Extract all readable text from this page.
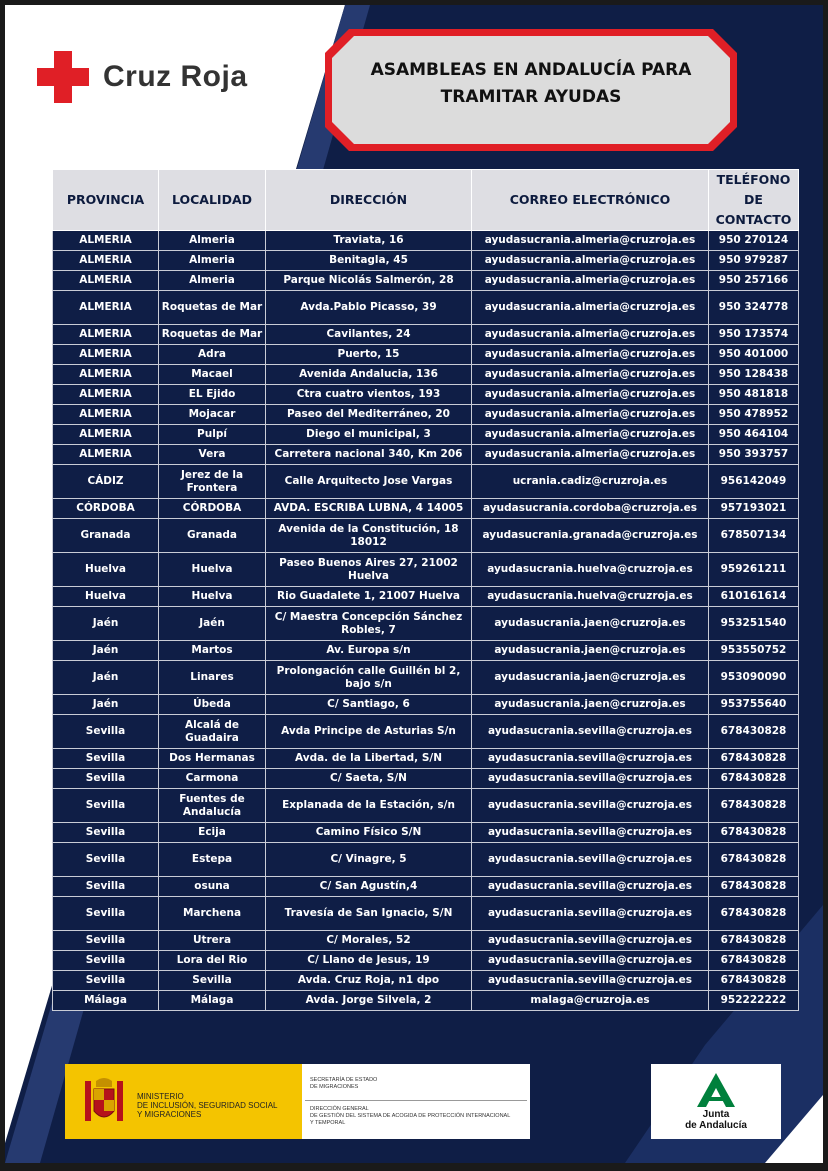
Cruz Roja	ASAMBLEAS EN ANDALUCÍA PARA
TRAMITAR AYUDAS
PROVINCIA	LOCALIDAD	DIRECCIÓN	CORREO ELECTRÓNICO	TELÉFONO DE CONTACTO
ALMERIA	Almeria	Traviata, 16	ayudasucrania.almeria@cruzroja.es	950 270124
ALMERIA	Almeria	Benitagla, 45	ayudasucrania.almeria@cruzroja.es	950 979287
ALMERIA	Almeria	Parque Nicolás Salmerón, 28	ayudasucrania.almeria@cruzroja.es	950 257166
ALMERIA	Roquetas de Mar	Avda.Pablo Picasso, 39	ayudasucrania.almeria@cruzroja.es	950 324778
ALMERIA	Roquetas de Mar	Cavilantes, 24	ayudasucrania.almeria@cruzroja.es	950 173574
ALMERIA	Adra	Puerto, 15	ayudasucrania.almeria@cruzroja.es	950 401000
ALMERIA	Macael	Avenida Andalucia, 136	ayudasucrania.almeria@cruzroja.es	950 128438
ALMERIA	EL Ejido	Ctra cuatro vientos, 193	ayudasucrania.almeria@cruzroja.es	950 481818
ALMERIA	Mojacar	Paseo del Mediterráneo, 20	ayudasucrania.almeria@cruzroja.es	950 478952
ALMERIA	Pulpí	Diego el municipal, 3	ayudasucrania.almeria@cruzroja.es	950 464104
ALMERIA	Vera	Carretera nacional 340, Km 206	ayudasucrania.almeria@cruzroja.es	950 393757
CÁDIZ	Jerez de la Frontera	Calle Arquitecto Jose Vargas	ucrania.cadiz@cruzroja.es	956142049
CÓRDOBA	CÓRDOBA	AVDA. ESCRIBA LUBNA, 4 14005	ayudasucrania.cordoba@cruzroja.es	957193021
Granada	Granada	Avenida de la Constitución, 18 18012	ayudasucrania.granada@cruzroja.es	678507134
Huelva	Huelva	Paseo Buenos Aires 27, 21002 Huelva	ayudasucrania.huelva@cruzroja.es	959261211
Huelva	Huelva	Rio Guadalete 1, 21007 Huelva	ayudasucrania.huelva@cruzroja.es	610161614
Jaén	Jaén	C/ Maestra Concepción Sánchez Robles, 7	ayudasucrania.jaen@cruzroja.es	953251540
Jaén	Martos	Av. Europa s/n	ayudasucrania.jaen@cruzroja.es	953550752
Jaén	Linares	Prolongación calle Guillén bl 2, bajo s/n	ayudasucrania.jaen@cruzroja.es	953090090
Jaén	Úbeda	C/ Santiago, 6	ayudasucrania.jaen@cruzroja.es	953755640
Sevilla	Alcalá de Guadaira	Avda Principe de Asturias S/n	ayudasucrania.sevilla@cruzroja.es	678430828
Sevilla	Dos Hermanas	Avda. de la Libertad, S/N	ayudasucrania.sevilla@cruzroja.es	678430828
Sevilla	Carmona	C/ Saeta, S/N	ayudasucrania.sevilla@cruzroja.es	678430828
Sevilla	Fuentes de Andalucía	Explanada de la Estación, s/n	ayudasucrania.sevilla@cruzroja.es	678430828
Sevilla	Ecija	Camino Físico S/N	ayudasucrania.sevilla@cruzroja.es	678430828
Sevilla	Estepa	C/ Vinagre, 5	ayudasucrania.sevilla@cruzroja.es	678430828
Sevilla	osuna	C/ San Agustín,4	ayudasucrania.sevilla@cruzroja.es	678430828
Sevilla	Marchena	Travesía de San Ignacio, S/N	ayudasucrania.sevilla@cruzroja.es	678430828
Sevilla	Utrera	C/ Morales, 52	ayudasucrania.sevilla@cruzroja.es	678430828
Sevilla	Lora del Rio	C/ Llano de Jesus, 19	ayudasucrania.sevilla@cruzroja.es	678430828
Sevilla	Sevilla	Avda. Cruz Roja, n1 dpo	ayudasucrania.sevilla@cruzroja.es	678430828
Málaga	Málaga	Avda. Jorge Silvela, 2	malaga@cruzroja.es	952222222
MINISTERIO
DE INCLUSIÓN, SEGURIDAD SOCIAL
Y MIGRACIONES
SECRETARÍA DE ESTADO
DE MIGRACIONES
DIRECCIÓN GENERAL
DE GESTIÓN DEL SISTEMA DE ACOGIDA DE PROTECCIÓN INTERNACIONAL
Y TEMPORAL
Junta
de Andalucía
